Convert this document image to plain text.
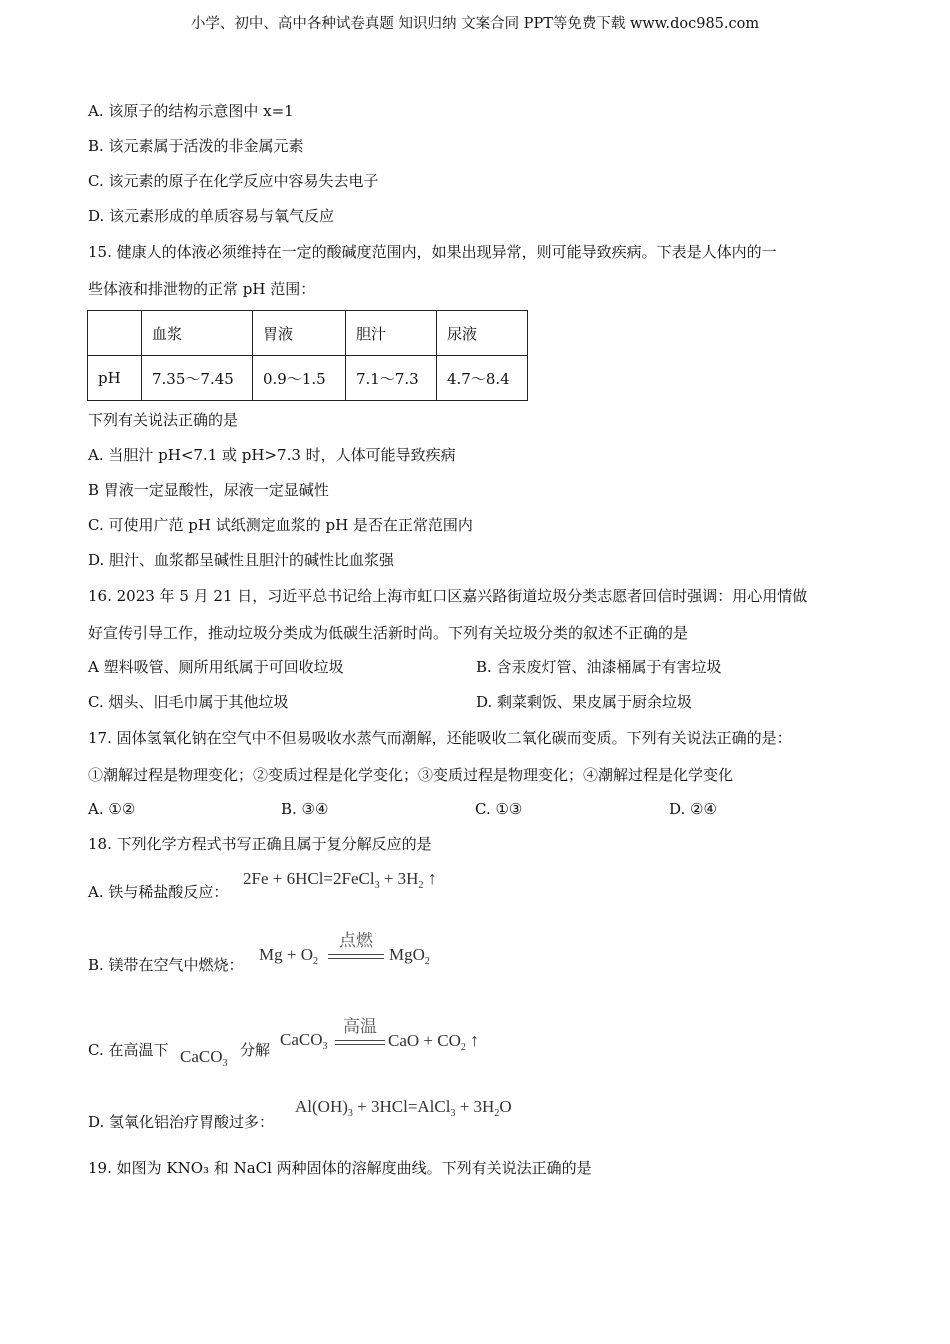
小学、初中、高中各种试卷真题 知识归纳 文案合同 PPT等免费下载 www.doc985.com
A. 该原子的结构示意图中 x=1
B. 该元素属于活泼的非金属元素
C. 该元素的原子在化学反应中容易失去电子
D. 该元素形成的单质容易与氧气反应
15. 健康人的体液必须维持在一定的酸碱度范围内，如果出现异常，则可能导致疾病。下表是人体内的一
些体液和排泄物的正常 pH 范围：
	血浆	胃液	胆汁	尿液
pH	7.35～7.45	0.9～1.5	7.1～7.3	4.7～8.4
下列有关说法正确的是
A. 当胆汁 pH<7.1 或 pH>7.3 时，人体可能导致疾病
B 胃液一定显酸性，尿液一定显碱性
C. 可使用广范 pH 试纸测定血浆的 pH 是否在正常范围内
D. 胆汁、血浆都呈碱性且胆汁的碱性比血浆强
16. 2023 年 5 月 21 日，习近平总书记给上海市虹口区嘉兴路街道垃圾分类志愿者回信时强调：用心用情做
好宣传引导工作，推动垃圾分类成为低碳生活新时尚。下列有关垃圾分类的叙述不正确的是
A 塑料吸管、厕所用纸属于可回收垃圾	B. 含汞废灯管、油漆桶属于有害垃圾
C. 烟头、旧毛巾属于其他垃圾	D. 剩菜剩饭、果皮属于厨余垃圾
17. 固体氢氧化钠在空气中不但易吸收水蒸气而潮解，还能吸收二氧化碳而变质。下列有关说法正确的是：
①潮解过程是物理变化；②变质过程是化学变化；③变质过程是物理变化；④潮解过程是化学变化
A. ①②	B. ③④	C. ①③	D. ②④
18. 下列化学方程式书写正确且属于复分解反应的是
A. 铁与稀盐酸反应：
2Fe + 6HCl=2FeCl$_3$ + $3H_2$ ↑
B. 镁带在空气中燃烧：
$Mg + O_2$
点燃
MgO$_2$
C. 在高温下 CaCO$_3$
分解
CaCO$_3$
高温
CaO + $CO_2$ ↑
D. 氢氧化铝治疗胃酸过多：
$Al(OH)_3$ + 3HCl=AlCl$_3$ + $3H_2O$
19. 如图为 KNO₃ 和 NaCl 两种固体的溶解度曲线。下列有关说法正确的是
